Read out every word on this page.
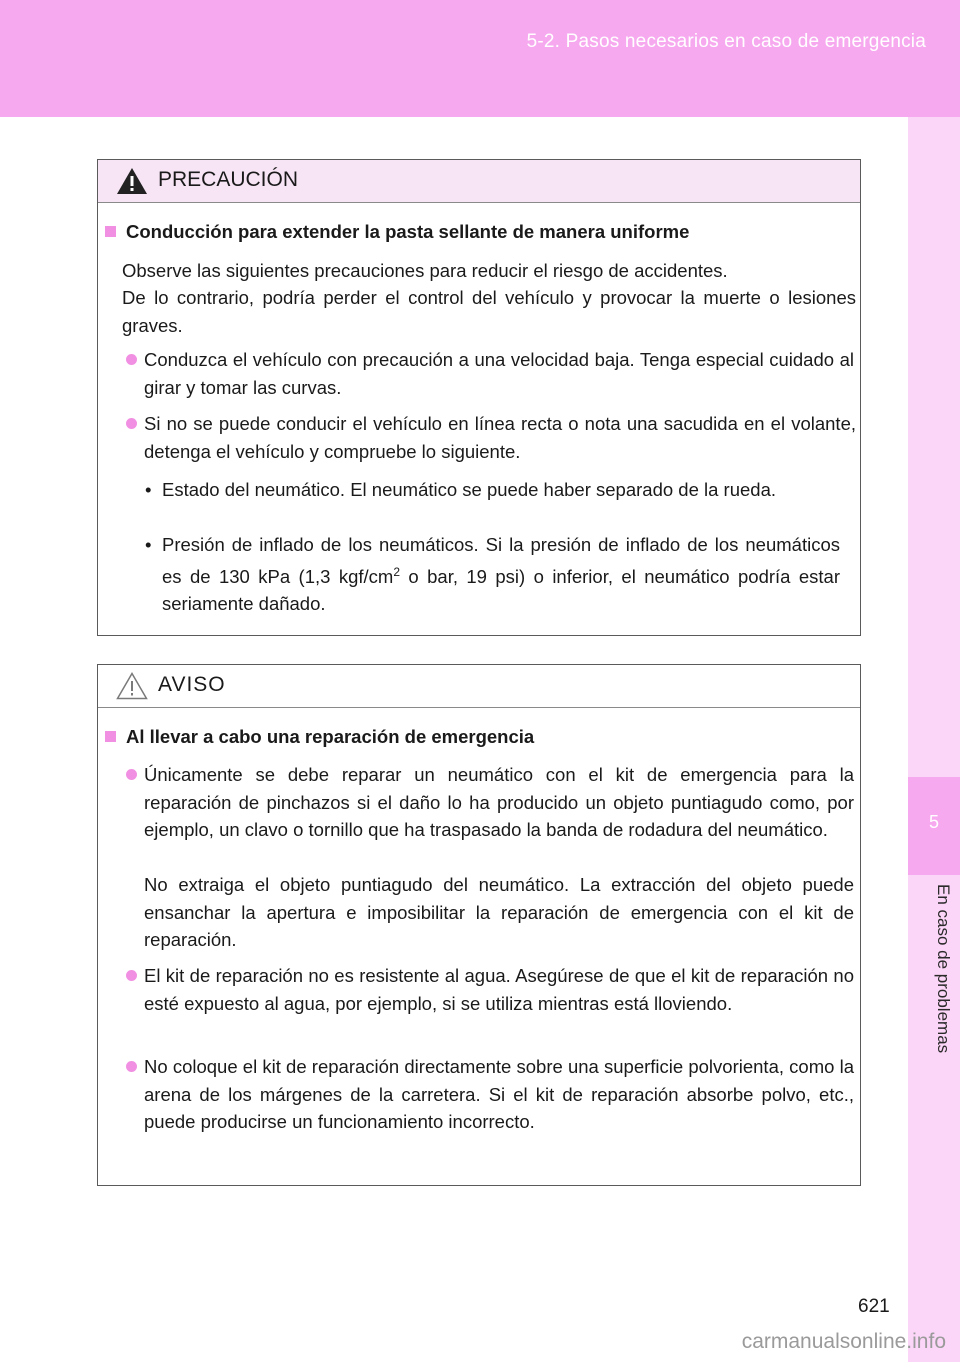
5-2. Pasos necesarios en caso de emergencia
5
En caso de problemas
PRECAUCIÓN
Conducción para extender la pasta sellante de manera uniforme
Observe las siguientes precauciones para reducir el riesgo de accidentes.
De lo contrario, podría perder el control del vehículo y provocar la muerte o lesiones graves.
Conduzca el vehículo con precaución a una velocidad baja. Tenga especial cuidado al girar y tomar las curvas.
Si no se puede conducir el vehículo en línea recta o nota una sacudida en el volante, detenga el vehículo y compruebe lo siguiente.
• Estado del neumático. El neumático se puede haber separado de la rueda.
• Presión de inflado de los neumáticos. Si la presión de inflado de los neumáticos es de 130 kPa (1,3 kgf/$cm^2$ o bar, 19 psi) o inferior, el neumático podría estar seriamente dañado.
AVISO
Al llevar a cabo una reparación de emergencia
Únicamente se debe reparar un neumático con el kit de emergencia para la reparación de pinchazos si el daño lo ha producido un objeto puntiagudo como, por ejemplo, un clavo o tornillo que ha traspasado la banda de rodadura del neumático.
No extraiga el objeto puntiagudo del neumático. La extracción del objeto puede ensanchar la apertura e imposibilitar la reparación de emergencia con el kit de reparación.
El kit de reparación no es resistente al agua. Asegúrese de que el kit de reparación no esté expuesto al agua, por ejemplo, si se utiliza mientras está lloviendo.
No coloque el kit de reparación directamente sobre una superficie polvorienta, como la arena de los márgenes de la carretera. Si el kit de reparación absorbe polvo, etc., puede producirse un funcionamiento incorrecto.
621
carmanualsonline.info
